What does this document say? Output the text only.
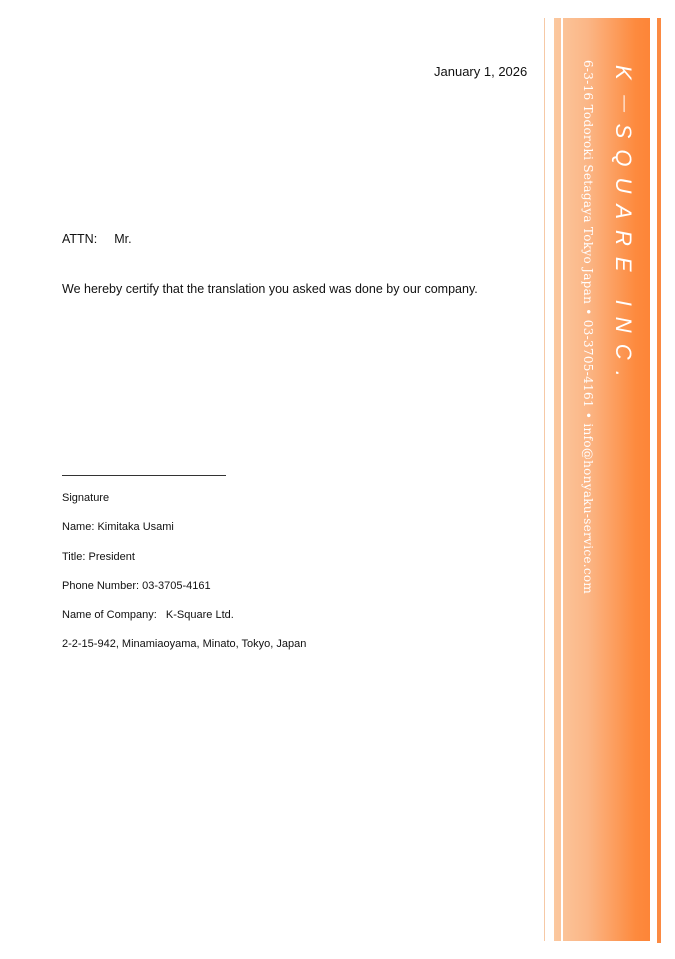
January 1, 2026
ATTN: Mr.
We hereby certify that the translation you asked was done by our company.
Signature
Name: Kimitaka Usami
Title: President
Phone Number: 03-3705-4161
Name of Company:   K-Square Ltd.
2-2-15-942, Minamiaoyama, Minato, Tokyo, Japan
K－SQUARE INC.
6-3-16 Todoroki Setagaya Tokyo Japan • 03-3705-4161 • info@honyaku-service.com
